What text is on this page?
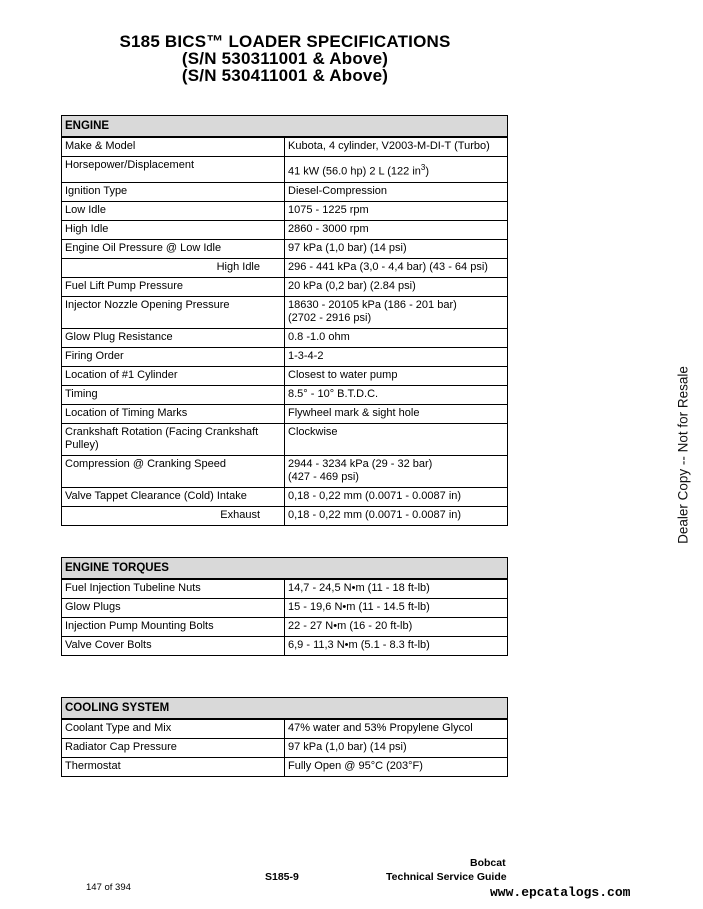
S185 BICS™ LOADER SPECIFICATIONS
(S/N 530311001 & Above)
(S/N 530411001 & Above)
ENGINE	
Make & Model	Kubota, 4 cylinder, V2003-M-DI-T (Turbo)
Horsepower/Displacement	41 kW (56.0 hp) 2 L (122 $in^3$)
Ignition Type	Diesel-Compression
Low Idle	1075 - 1225 rpm
High Idle	2860 - 3000 rpm
Engine Oil Pressure @ Low Idle	97 kPa (1,0 bar) (14 psi)
High Idle	296 - 441 kPa (3,0 - 4,4 bar) (43 - 64 psi)
Fuel Lift Pump Pressure	20 kPa (0,2 bar) (2.84 psi)
Injector Nozzle Opening Pressure	18630 - 20105 kPa (186 - 201 bar)
(2702 - 2916 psi)

Glow Plug Resistance	0.8 -1.0 ohm
Firing Order	1-3-4-2
Location of #1 Cylinder	Closest to water pump
Timing	8.5° - 10° B.T.D.C.
Location of Timing Marks	Flywheel mark & sight hole

Crankshaft Rotation (Facing Crankshaft
Pulley)	Clockwise
Compression @ Cranking Speed	2944 - 3234 kPa (29 - 32 bar)
(427 - 469 psi)

Valve Tappet Clearance (Cold) Intake	0,18 - 0,22 mm (0.0071 - 0.0087 in)
Exhaust	0,18 - 0,22 mm (0.0071 - 0.0087 in)
ENGINE TORQUES	
Fuel Injection Tubeline Nuts	14,7 - 24,5 N•m (11 - 18 ft-lb)
Glow Plugs	15 - 19,6 N•m (11 - 14.5 ft-lb)
Injection Pump Mounting Bolts	22 - 27 N•m (16 - 20 ft-lb)
Valve Cover Bolts	6,9 - 11,3 N•m (5.1 - 8.3 ft-lb)
COOLING SYSTEM	
Coolant Type and Mix	47% water and 53% Propylene Glycol
Radiator Cap Pressure	97 kPa (1,0 bar) (14 psi)
Thermostat	Fully Open @ 95°C (203°F)
Dealer Copy -- Not for Resale
Bobcat
S185-9	Technical Service Guide
147 of 394	www.epcatalogs.com
